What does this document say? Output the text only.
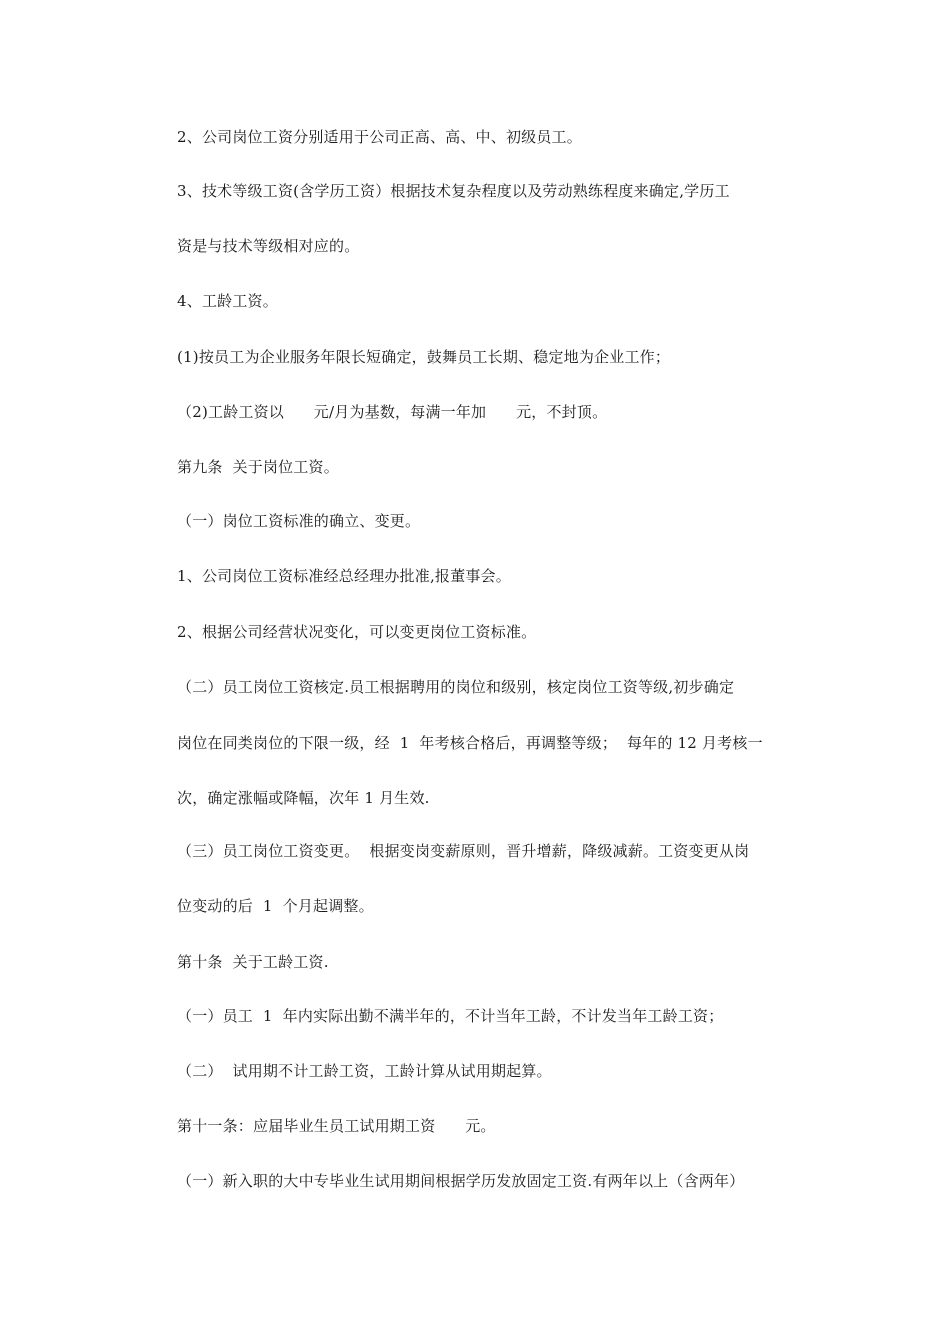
2、公司岗位工资分别适用于公司正高、高、中、初级员工。
3、技术等级工资(含学历工资）根据技术复杂程度以及劳动熟练程度来确定,学历工
资是与技术等级相对应的。
4、工龄工资。
(1)按员工为企业服务年限长短确定，鼓舞员工长期、稳定地为企业工作；
（2)工龄工资以      元/月为基数，每满一年加      元，不封顶。
第九条  关于岗位工资。
（一）岗位工资标准的确立、变更。
1、公司岗位工资标准经总经理办批准,报董事会。
2、根据公司经营状况变化，可以变更岗位工资标准。
（二）员工岗位工资核定.员工根据聘用的岗位和级别，核定岗位工资等级,初步确定
岗位在同类岗位的下限一级，经  1  年考核合格后，再调整等级；  每年的 12 月考核一
次，确定涨幅或降幅，次年 1 月生效.
（三）员工岗位工资变更。  根据变岗变薪原则，晋升增薪，降级减薪。工资变更从岗
位变动的后  1  个月起调整。
第十条  关于工龄工资.
（一）员工  1  年内实际出勤不满半年的，不计当年工龄，不计发当年工龄工资；
（二）  试用期不计工龄工资，工龄计算从试用期起算。
第十一条：应届毕业生员工试用期工资      元。
（一）新入职的大中专毕业生试用期间根据学历发放固定工资.有两年以上（含两年）
